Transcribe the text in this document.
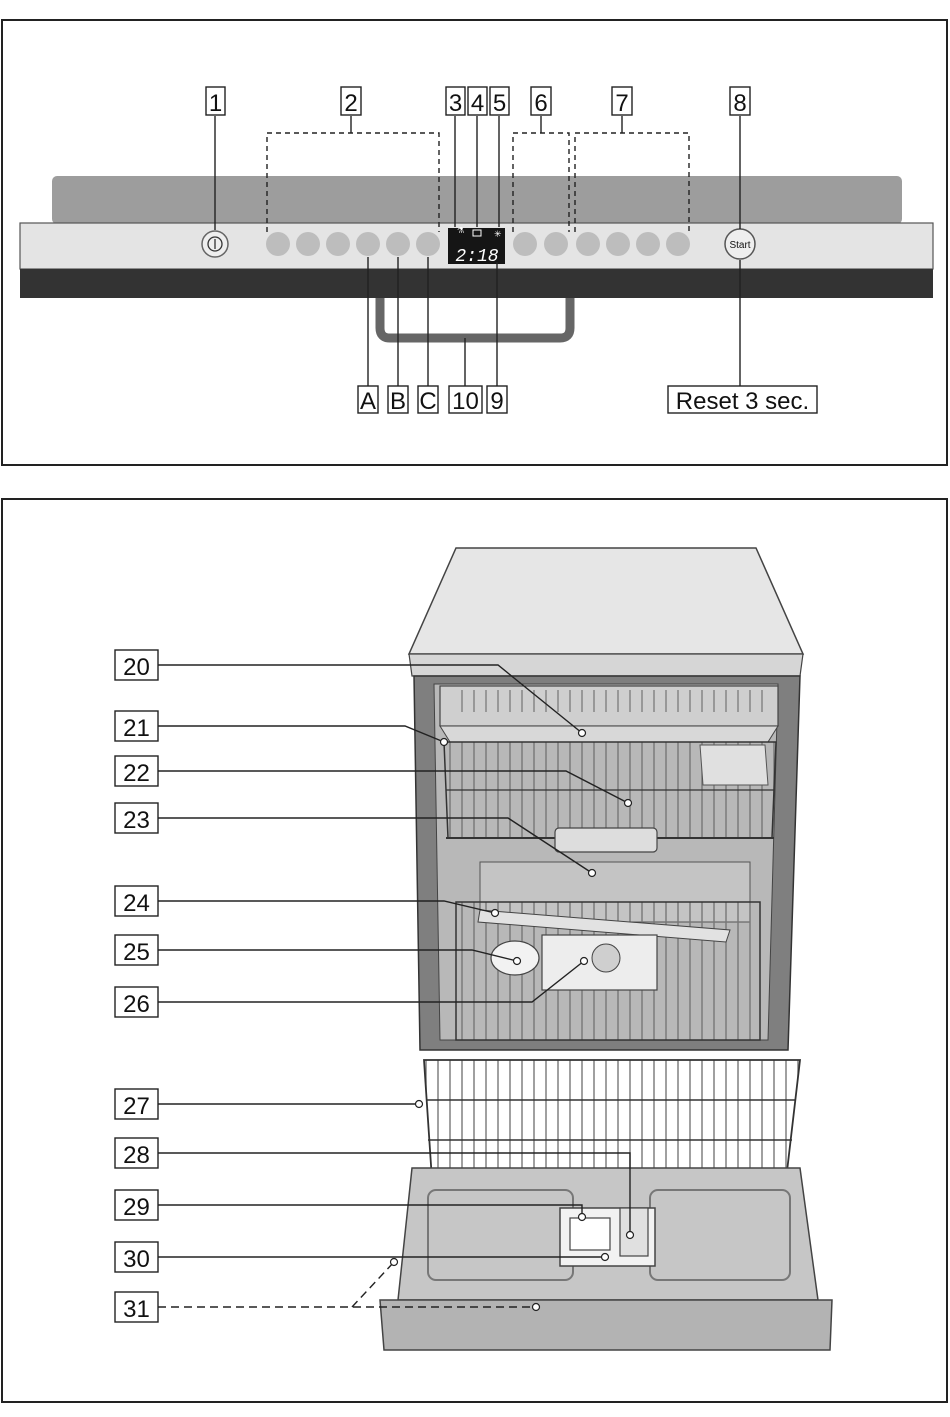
⚗	✳
2:18
Start
1	2	3 4 5 6	7	8
A B C 10 9	Reset 3 sec.
20
21
22
23
24
25
26
27
28
29
30
31
